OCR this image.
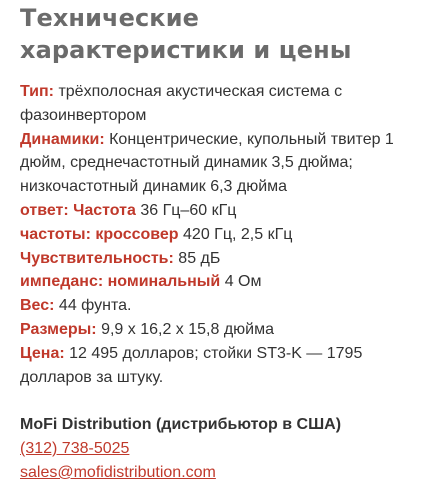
Технические характеристики и цены

Тип: трёхполосная акустическая система с фазоинвертором

Динамики: Концентрические, купольный твитер 1 дюйм, среднечастотный динамик 3,5 дюйма; низкочастотный динамик 6,3 дюйма

ответ: Частота 36 Гц–60 кГц

частоты: кроссовер 420 Гц, 2,5 кГц

Чувствительность: 85 дБ

импеданс: номинальный 4 Ом

Вес: 44 фунта.

Размеры: 9,9 x 16,2 x 15,8 дюйма

Цена: 12 495 долларов; стойки ST3-K — 1795 долларов за штуку.

MoFi Distribution (дистрибьютор в США)
(312) 738-5025
sales@mofidistribution.com
